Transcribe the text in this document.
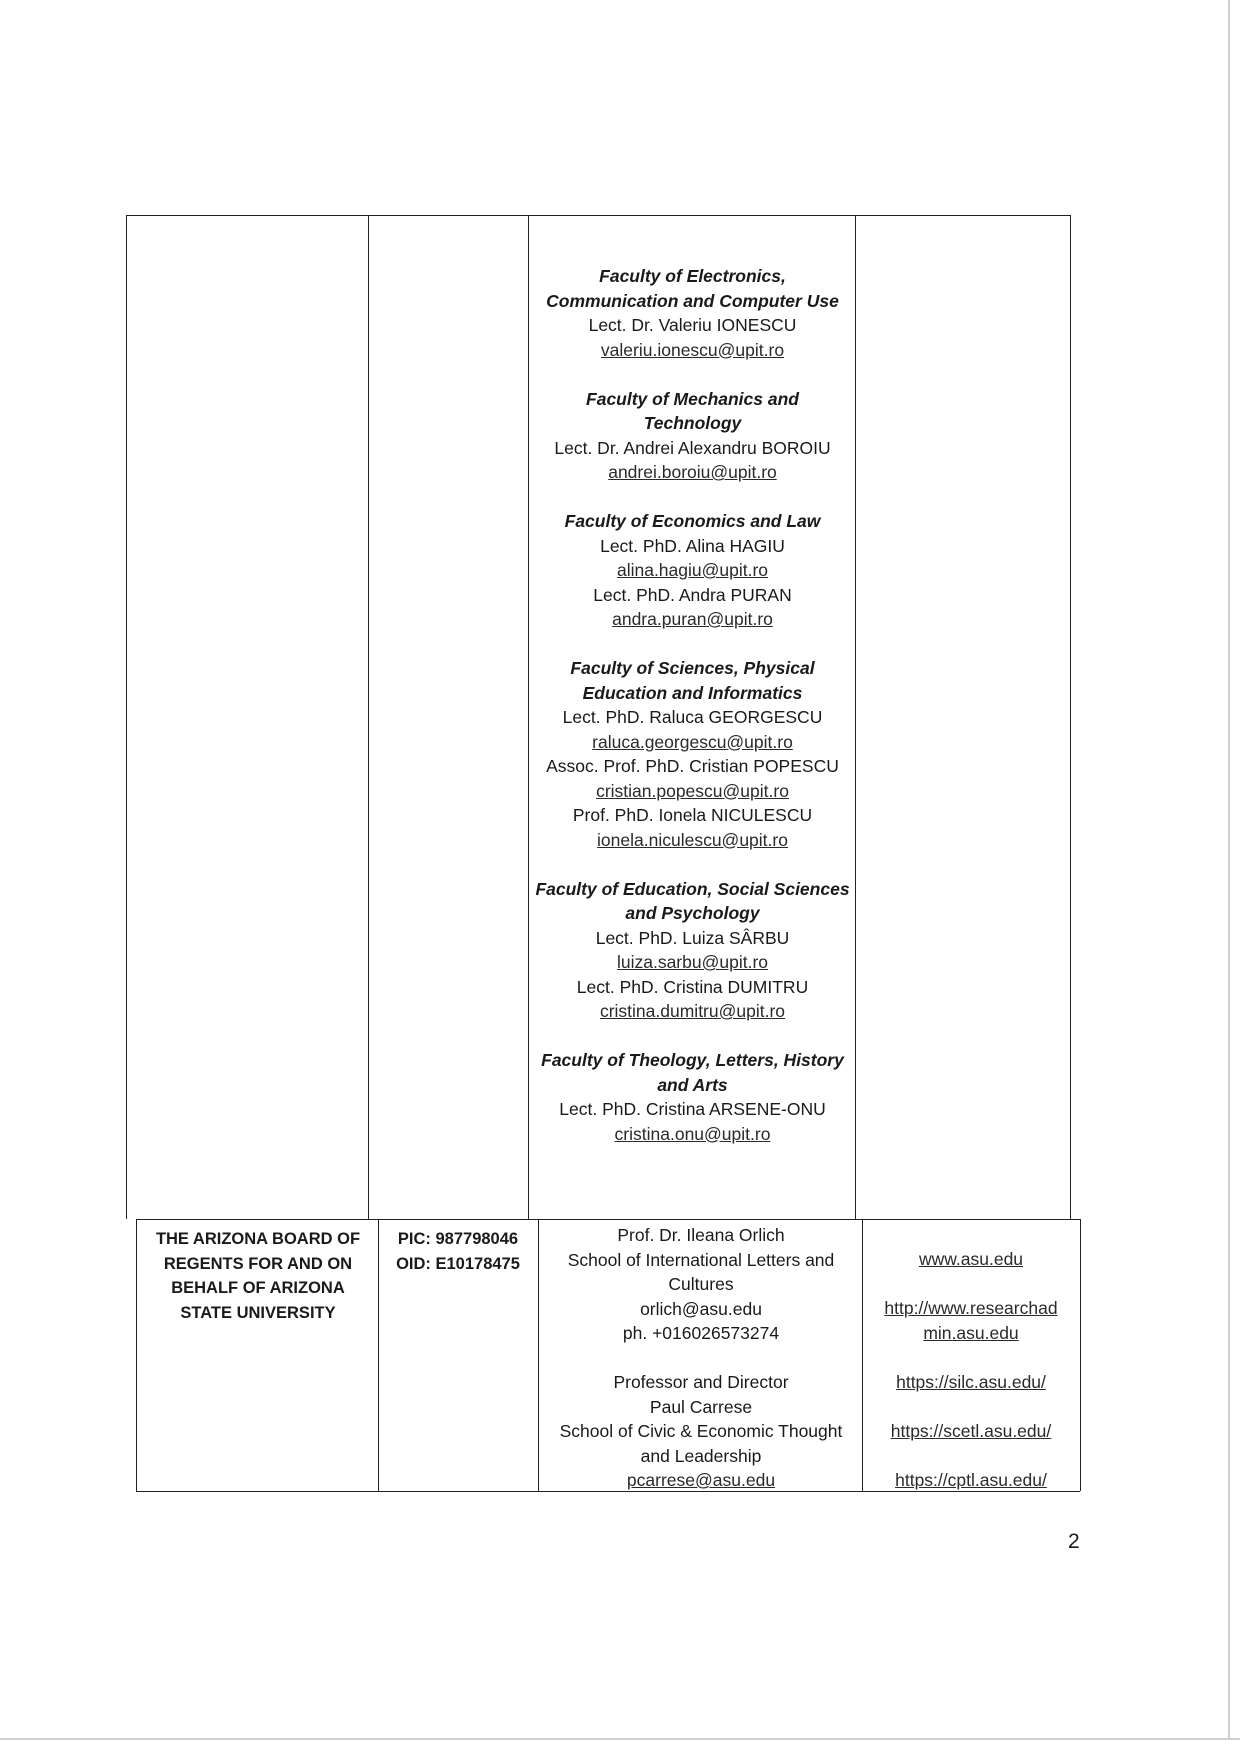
Faculty of Electronics,
Communication and Computer Use
Lect. Dr. Valeriu IONESCU
valeriu.ionescu@upit.ro
Faculty of Mechanics and
Technology
Lect. Dr. Andrei Alexandru BOROIU
andrei.boroiu@upit.ro
Faculty of Economics and Law
Lect. PhD. Alina HAGIU
alina.hagiu@upit.ro
Lect. PhD. Andra PURAN
andra.puran@upit.ro
Faculty of Sciences, Physical
Education and Informatics
Lect. PhD. Raluca GEORGESCU
raluca.georgescu@upit.ro
Assoc. Prof. PhD. Cristian POPESCU
cristian.popescu@upit.ro
Prof. PhD. Ionela NICULESCU
ionela.niculescu@upit.ro
Faculty of Education, Social Sciences
and Psychology
Lect. PhD. Luiza SÂRBU
luiza.sarbu@upit.ro
Lect. PhD. Cristina DUMITRU
cristina.dumitru@upit.ro
Faculty of Theology, Letters, History
and Arts
Lect. PhD. Cristina ARSENE-ONU
cristina.onu@upit.ro
THE ARIZONA BOARD OF
REGENTS FOR AND ON
BEHALF OF ARIZONA
STATE UNIVERSITY
PIC: 987798046
OID: E10178475
Prof. Dr. Ileana Orlich
School of International Letters and
Cultures
orlich@asu.edu
ph. +016026573274
Professor and Director
Paul Carrese
School of Civic & Economic Thought
and Leadership
pcarrese@asu.edu
www.asu.edu
http://www.researchad
min.asu.edu
https://silc.asu.edu/
https://scetl.asu.edu/
https://cptl.asu.edu/
2
